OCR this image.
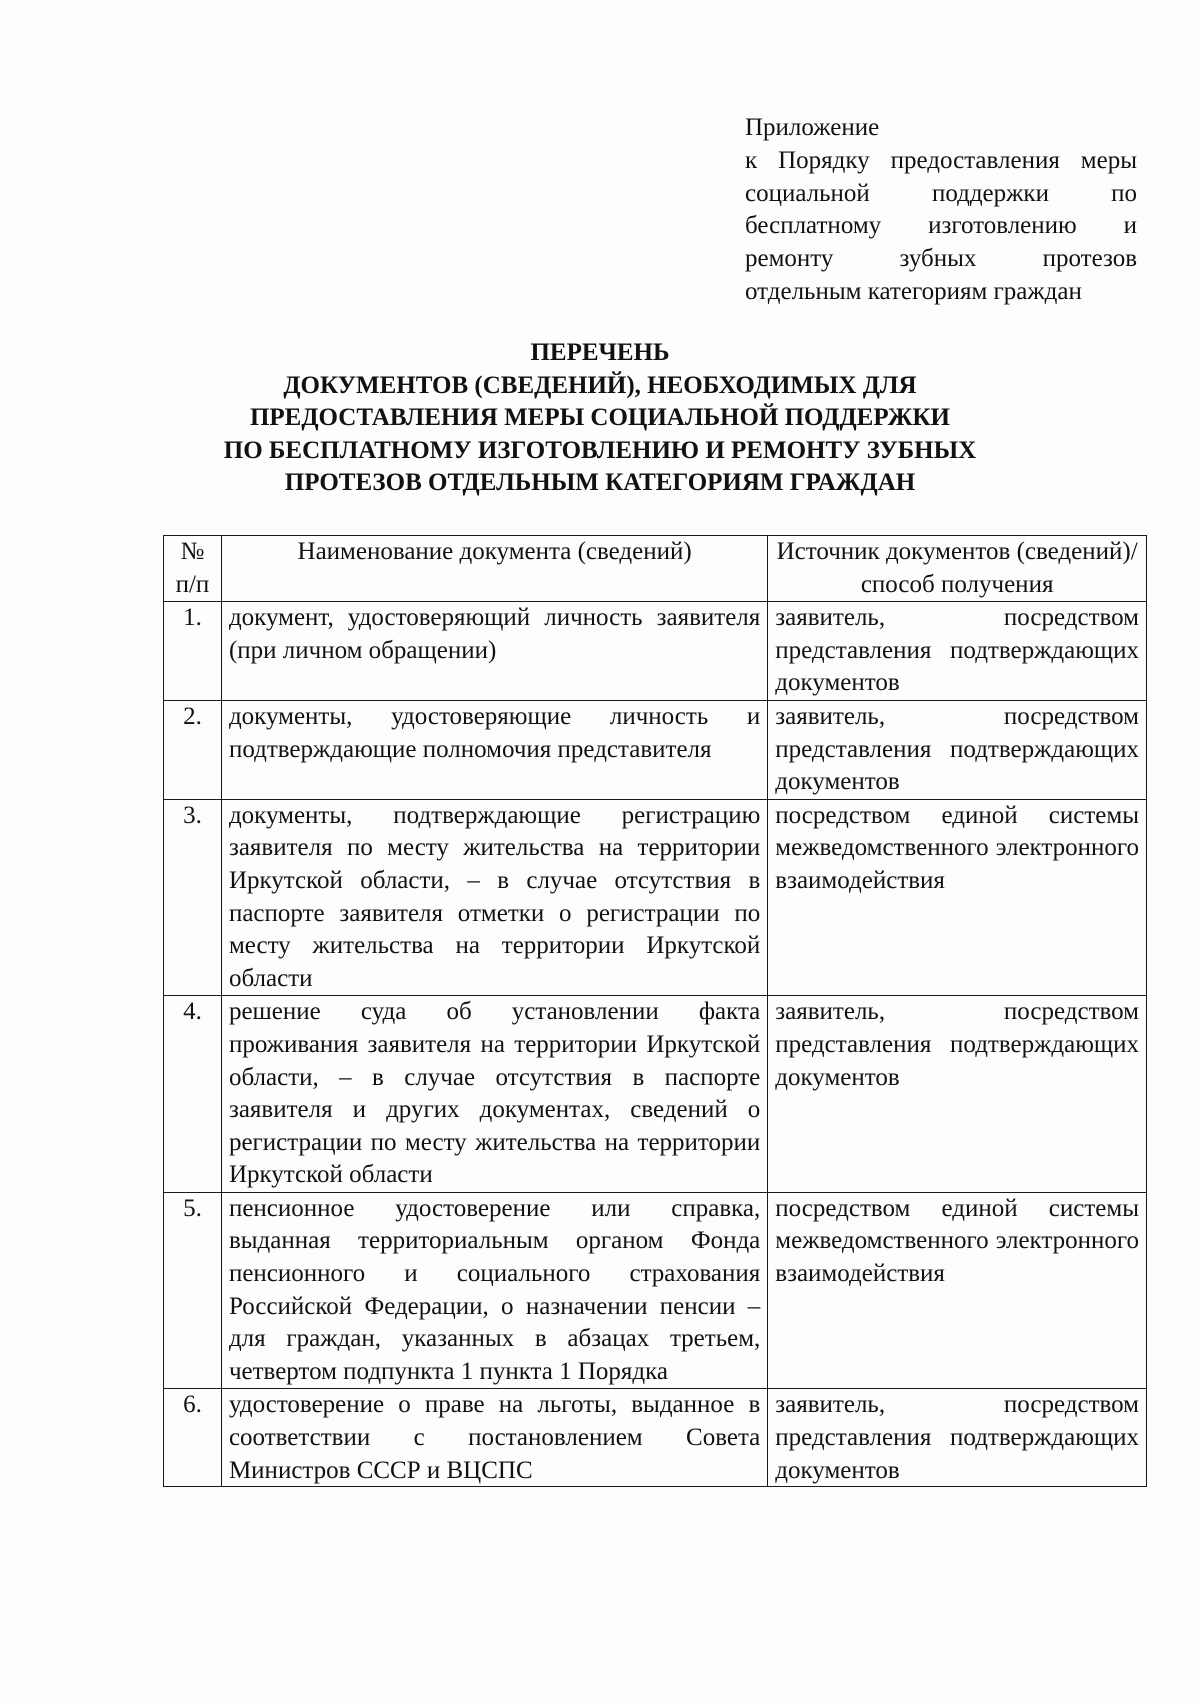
Приложение
к Порядку предоставления меры социальной поддержки по бесплатному изготовлению и ремонту зубных протезов отдельным категориям граждан
ПЕРЕЧЕНЬ
ДОКУМЕНТОВ (СВЕДЕНИЙ), НЕОБХОДИМЫХ ДЛЯ
ПРЕДОСТАВЛЕНИЯ МЕРЫ СОЦИАЛЬНОЙ ПОДДЕРЖКИ
ПО БЕСПЛАТНОМУ ИЗГОТОВЛЕНИЮ И РЕМОНТУ ЗУБНЫХ
ПРОТЕЗОВ ОТДЕЛЬНЫМ КАТЕГОРИЯМ ГРАЖДАН
№ п/п	Наименование документа (сведений)	Источник документов (сведений)/способ получения
1.	документ, удостоверяющий личность заявителя (при личном обращении)	заявитель, посредством представления подтверждающих документов
2.	документы, удостоверяющие личность и подтверждающие полномочия представителя	заявитель, посредством представления подтверждающих документов
3.	документы, подтверждающие регистрацию заявителя по месту жительства на территории Иркутской области, – в случае отсутствия в паспорте заявителя отметки о регистрации по месту жительства на территории Иркутской области	посредством единой системы межведомственного электронного взаимодействия
4.	решение суда об установлении факта проживания заявителя на территории Иркутской области, – в случае отсутствия в паспорте заявителя и других документах, сведений о регистрации по месту жительства на территории Иркутской области	заявитель, посредством представления подтверждающих документов
5.	пенсионное удостоверение или справка, выданная территориальным органом Фонда пенсионного и социального страхования Российской Федерации, о назначении пенсии – для граждан, указанных в абзацах третьем, четвертом подпункта 1 пункта 1 Порядка	посредством единой системы межведомственного электронного взаимодействия
6.	удостоверение о праве на льготы, выданное в соответствии с постановлением Совета Министров СССР и ВЦСПС	заявитель, посредством представления подтверждающих документов
